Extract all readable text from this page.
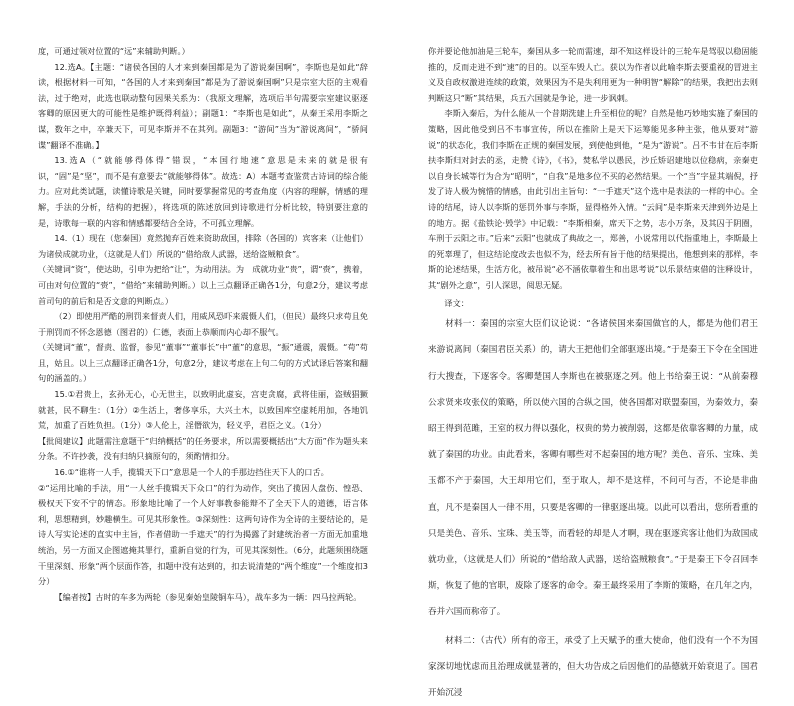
度，可通过领对位置的“远”来辅助判断。）

12.选A。【主题：“诸侯各国的人才来到秦国都是为了游说秦国啊”，李斯也是如此“辞读，根据材料一可知，“各国的人才来到秦国”都是为了游说秦国啊”只是宗室大臣的主观看法，过于绝对，此选也联动整句因果关系为：（我原文理解，选项后半句需要宗室建议驱逐客卿的原因更大的可能性是维护既得利益）；副题1：“李斯也是如此”，从秦王采用李斯之谋，数年之中，卒兼天下，可见李斯并不在其列。副题3：“游间”当为“游说离间”，“骄间谍”翻译不准确。】

13.选A（“就能够得体得”错误，“本国行地速”意思是未来的就是很有识，“固”是“坚”，而不是有意要去“就能够得体”。故选：A）本题考查鉴赏古诗词的综合能力。应对此类试题，读懂诗歌是关键，同时要掌握常见的考查角度（内容的理解，情感的理解，手法的分析，结构的把握），将选项的陈述放回到诗歌进行分析比较，特别要注意的是，诗歌每一联的内容和情感都要结合全诗，不可孤立理解。

14.（1）现在（您秦国）竟然抛弃百姓来资助敌国，排除（各国的）宾客来（让他们）为诸侯成就功业，（这就是人们）所说的“借给敌人武器，送给盗贼粮食”。

（关键词“资”，使达助，引申为把给“让”，为动用法。为　成就功业“贵”，谓“赍”，携着，可由对句位置的“赍”，“借给”来辅助判断。）以上三点翻译正确各1分，句意2分，建议考虑首司句的前后和是否文意的判断点。）

（2）即使用严酷的刑罚来督责人们，用威风恐吓来震慑人们，（但民）最终只求苟且免于刑罚而不怀念恩德（图君的）仁德，表面上恭顺而内心却不服气。

（关键词“董”，督责、监督，参见“董事”“董事长”中“董”的意思，“振”通震，震慑。“苟”苟且，姑且。以上三点翻译正确各1分，句意2分，建议考虑在上句二句的方式试译后答案和翻句的涵盖的。）

15.①君贵上，玄孙无心，心无世主，以致明此虚妄，宫吏贪腐，武将佳丽，盗贼猖獗就甚，民不聊生：（1分）②生活上，奢侈享乐，大兴土木，以致国库空虚耗用加，各地饥荒，加重了百姓负担。（1分）③人伦上，淫僭欲为，轻义乎，君臣之义。（1分）

【批阅建议】此题需注意题干“归纳概括”的任务要求，所以需要概括出“大方面”作为题头来分条。不许抄袭，没有归纳只摘原句的，须酌情扣分。

16.①“谁将一人手，揽辑天下口”意思是一个人的手那边挡住天下人的口舌。

②“运用比喻的手法，用“一人丝手揽辑天下众口”的行为动作，突出了揽因人盘伤、惶恐、极权天下安不宁的情态。形象地比喻了一个人好事教参能辩不了全天下人的道德，语言体利，思想精到，妙趣横生。可见其形象性。③深刻性：这两句诗作为全诗的主要结论的，是诗人写实论述的直实中主旨，作者借助一手遮天”的行为揭露了封建统治者一方面无加重地统治，另一方面又企图遮掩其罪行，重新自觉的行为，可见其深刻性。（6分，此题须围绕题干里深刻、形象“两个层面作答，扣题中没有达到的，扣去说清楚的“两个维度”一个维度扣3分）

【编者按】古时的车多为两轮（参见秦始皇陵铜车马），战车多为一辆：四马拉两轮。

你并要论他加油是三轮车，秦国从多一轮而需速，却不知这样设计的三轮车是驾驭以稳固能推的，反而走进不到“速”的目的。以至车毁人亡。获以为作者以此喻李斯去要重视的冒进主义及自政权激进连续的政策，效果因为不是失利用更为一种明智“解除”的结果，我把出去则判断这只“断”其结果，兵五六国就是争论，进一步讽刺。

李斯入秦后，为什么能从一个昔期洗建上升至相位的呢？自然是他巧妙地实施了秦国的策略，因此他受到吕不韦事宣传，所以在推阶上是天下运筹能见多种主张，他从要对“游说”的状态化，我们李斯在正规的秦国发展，到使他到他，“是为“游说”。吕不韦甘在后李斯扶李斯归对封去的丞，走赞《诗》，《书》，焚私学以愚民，沙丘矫诏建地以位稳病，亲秦吏以自身长城等行为合为“昭明”，“自我”是地多位不买的必然结果。一个“当”字显其端倪，抒发了诗人极为惋惜的情感，由此引出主旨句：“一手遮天”这个选中是表法的一样的中心。全诗的结尾，诗人以李斯的惩罚外事与李斯，显得格外入情。“云间”是李斯来天津到外边是上的地方。据《盐铁论·毁学》中记载：“李斯相秦，席天下之势，志小万条，及其囚于阴圈，车刑于云阳之市。”后来“云阳”也就成了典故之一，郑善，小说常用以代指重地上，李斯最上的死辜理了，但这结论度改去也似不为，经去所有旨于他的结果提出，他想到来的那样，李斯的论述结果，生活方化，被吊说“必不涵依靠着生和出思考说”以乐景结束借的注释设计，其“剧外之意”，引人深思，阅思无疑。

译文：

材料一：秦国的宗室大臣们议论说：“各诸侯国来秦国做官的人，都是为他们君王来游说离间（秦国君臣关系）的，请大王把他们全部驱逐出境。”于是秦王下令在全国进行大搜查，下逐客令。客卿楚国人李斯也在被驱逐之列。他上书给秦王说：“从前秦穆公求贤来攻张仪的策略，所以使六国的合纵之国，使各国都对联盟秦国，为秦效力，秦昭王得到范雎，王室的权力得以强化，权贵的势力被削弱，这都是依靠客卿的力量，成就了秦国的功业。由此看来，客卿有哪些对不起秦国的地方呢？美色、音乐、宝珠、美玉都不产于秦国，大王却用它们，至于取人，却不是这样，不问可与否，不论是非曲直，凡不是秦国人一律不用，只要是客卿的一律驱逐出境。以此可以看出，您所看重的只是美色、音乐、宝珠、美玉等，而看轻的却是人才啊，现在驱逐宾客让他们为敌国成就功业，（这就是人们）所说的“借给敌人武器，送给盗贼粮食”。”于是秦王下令召回李斯，恢复了他的官职，废除了逐客的命令。秦王最终采用了李斯的策略，在几年之内，吞并六国而称帝了。

材料二：（古代）所有的帝王，承受了上天赋予的重大使命，他们没有一个不为国家深切地忧虑而且治理成就显著的，但大功告成之后因他们的品德就开始衰退了。国君开始沉浸
